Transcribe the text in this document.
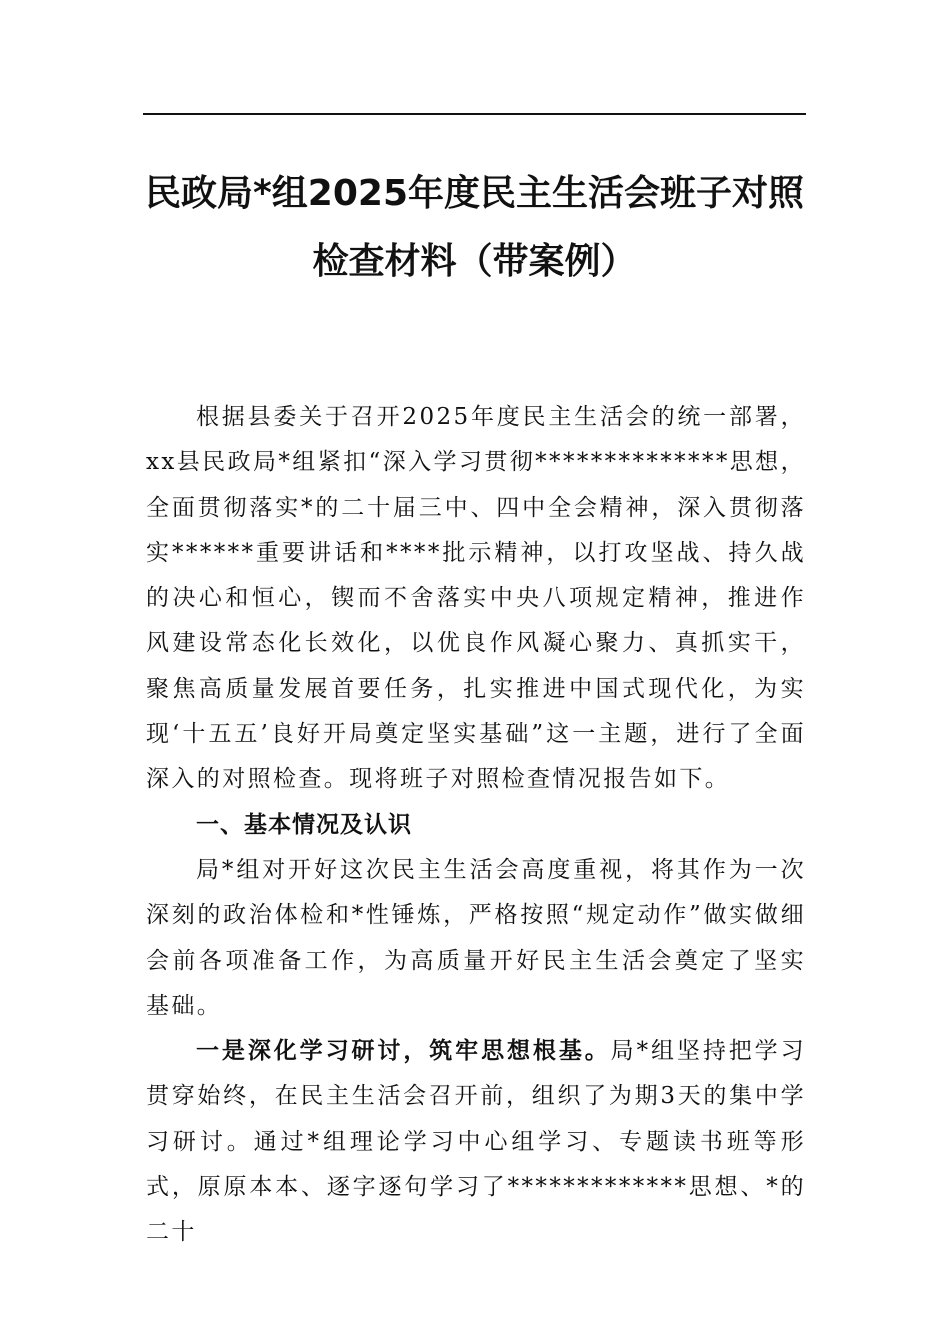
民政局*组2025年度民主生活会班子对照
检查材料（带案例）

根据县委关于召开2025年度民主生活会的统一部署，xx县民政局*组紧扣“深入学习贯彻**************思想，全面贯彻落实*的二十届三中、四中全会精神，深入贯彻落实******重要讲话和****批示精神，以打攻坚战、持久战的决心和恒心，锲而不舍落实中央八项规定精神，推进作风建设常态化长效化，以优良作风凝心聚力、真抓实干，聚焦高质量发展首要任务，扎实推进中国式现代化，为实现‘十五五’良好开局奠定坚实基础”这一主题，进行了全面深入的对照检查。现将班子对照检查情况报告如下。

一、基本情况及认识

局*组对开好这次民主生活会高度重视，将其作为一次深刻的政治体检和*性锤炼，严格按照“规定动作”做实做细会前各项准备工作，为高质量开好民主生活会奠定了坚实基础。

一是深化学习研讨，筑牢思想根基。局*组坚持把学习贯穿始终，在民主生活会召开前，组织了为期3天的集中学习研讨。通过*组理论学习中心组学习、专题读书班等形式，原原本本、逐字逐句学习了*************思想、*的二十
